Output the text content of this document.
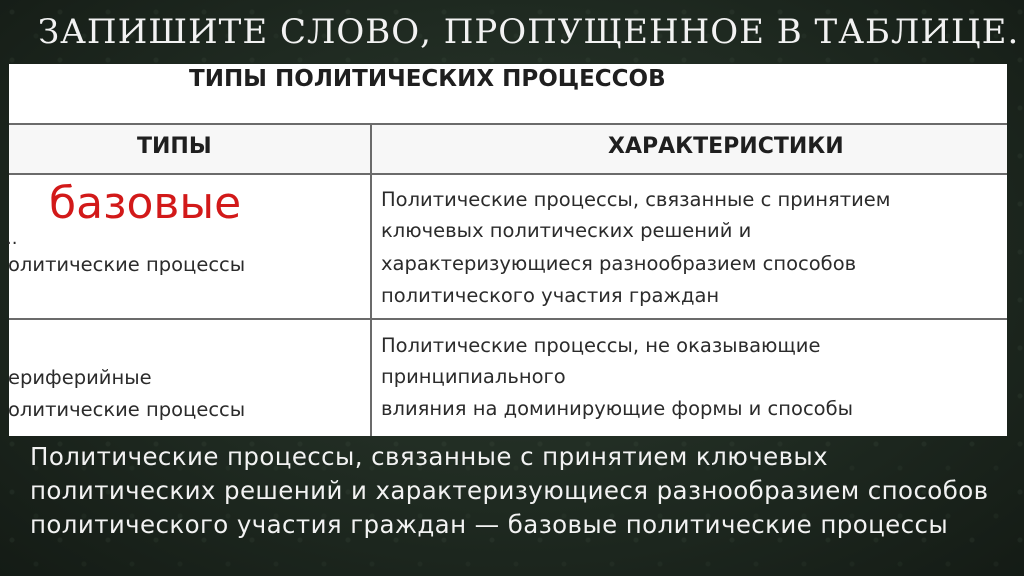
ЗАПИШИТЕ СЛОВО, ПРОПУЩЕННОЕ В ТАБЛИЦЕ.
ТИПЫ ПОЛИТИЧЕСКИХ ПРОЦЕССОВ
ТИПЫ	ХАРАКТЕРИСТИКИ
базовые
..
олитические процессы
Политические процессы, связанные с принятием
ключевых политических решений и
характеризующиеся разнообразием способов
политического участия граждан
ериферийные
олитические процессы
Политические процессы, не оказывающие
принципиального
влияния на доминирующие формы и способы
Политические процессы, связанные с принятием ключевых политических решений и характеризующиеся разнообразием способов политического участия граждан — базовые политические процессы
